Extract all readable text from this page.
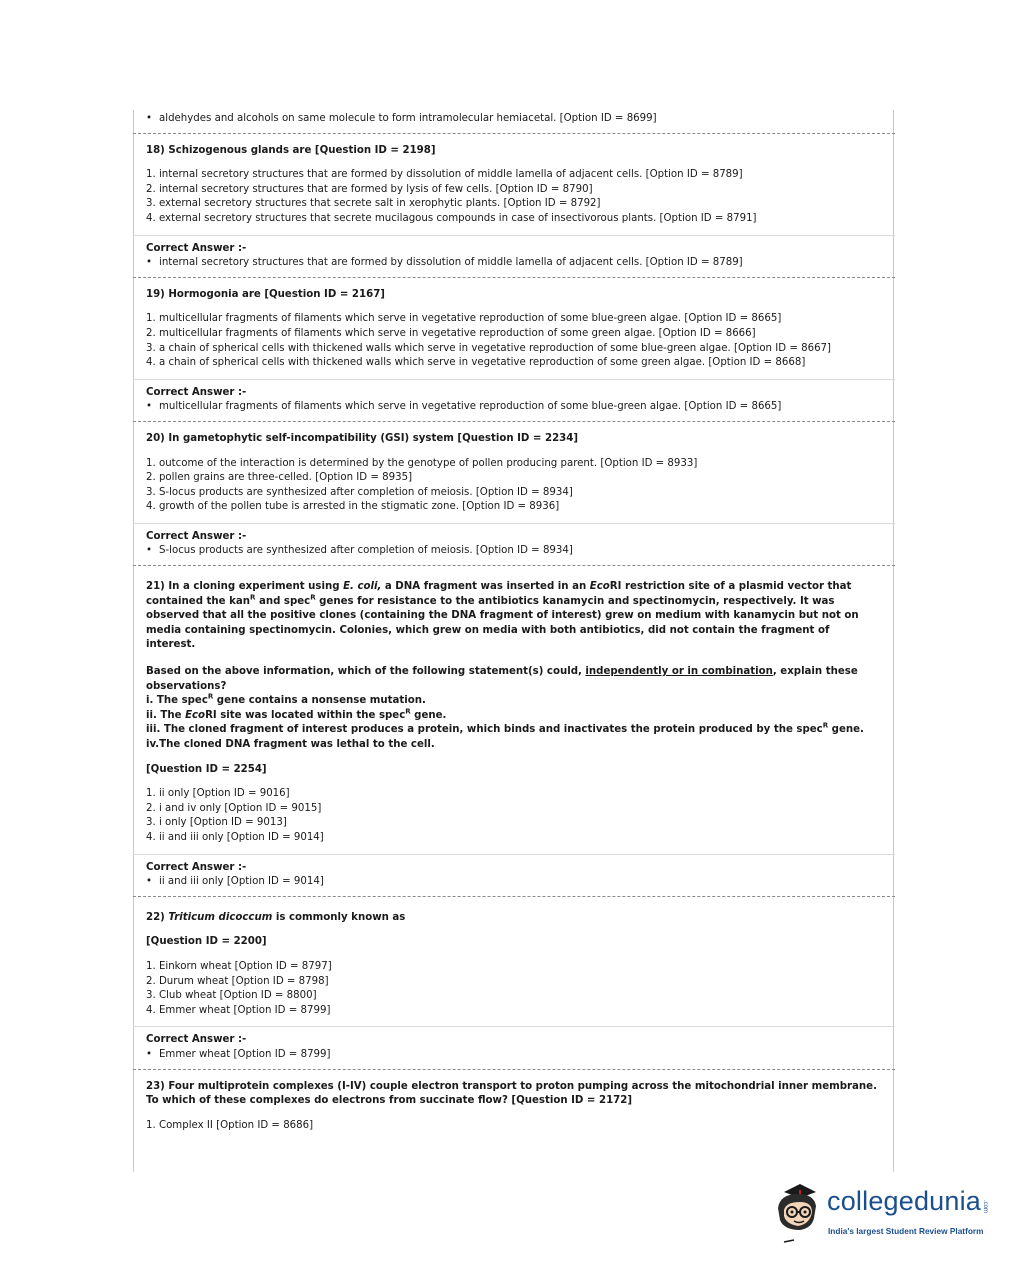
• aldehydes and alcohols on same molecule to form intramolecular hemiacetal. [Option ID = 8699]

18) Schizogenous glands are [Question ID = 2198]

1. internal secretory structures that are formed by dissolution of middle lamella of adjacent cells. [Option ID = 8789]

2. internal secretory structures that are formed by lysis of few cells. [Option ID = 8790]

3. external secretory structures that secrete salt in xerophytic plants. [Option ID = 8792]

4. external secretory structures that secrete mucilagous compounds in case of insectivorous plants. [Option ID = 8791]

Correct Answer :-

• internal secretory structures that are formed by dissolution of middle lamella of adjacent cells. [Option ID = 8789]

19) Hormogonia are [Question ID = 2167]

1. multicellular fragments of filaments which serve in vegetative reproduction of some blue-green algae. [Option ID = 8665]

2. multicellular fragments of filaments which serve in vegetative reproduction of some green algae. [Option ID = 8666]

3. a chain of spherical cells with thickened walls which serve in vegetative reproduction of some blue-green algae. [Option ID = 8667]

4. a chain of spherical cells with thickened walls which serve in vegetative reproduction of some green algae. [Option ID = 8668]

Correct Answer :-

• multicellular fragments of filaments which serve in vegetative reproduction of some blue-green algae. [Option ID = 8665]

20) In gametophytic self-incompatibility (GSI) system [Question ID = 2234]

1. outcome of the interaction is determined by the genotype of pollen producing parent. [Option ID = 8933]

2. pollen grains are three-celled. [Option ID = 8935]

3. S-locus products are synthesized after completion of meiosis. [Option ID = 8934]

4. growth of the pollen tube is arrested in the stigmatic zone. [Option ID = 8936]

Correct Answer :-

• S-locus products are synthesized after completion of meiosis. [Option ID = 8934]

21) In a cloning experiment using E. coli, a DNA fragment was inserted in an EcoRI restriction site of a plasmid vector that contained the kan$^R$ and spec$^R$ genes for resistance to the antibiotics kanamycin and spectinomycin, respectively. It was observed that all the positive clones (containing the DNA fragment of interest) grew on medium with kanamycin but not on media containing spectinomycin. Colonies, which grew on media with both antibiotics, did not contain the fragment of interest.

Based on the above information, which of the following statement(s) could, independently or in combination, explain these observations?

i. The spec$^R$ gene contains a nonsense mutation.

ii. The EcoRI site was located within the spec$^R$ gene.

iii. The cloned fragment of interest produces a protein, which binds and inactivates the protein produced by the spec$^R$ gene.

iv.The cloned DNA fragment was lethal to the cell.

[Question ID = 2254]

1. ii only [Option ID = 9016]

2. i and iv only [Option ID = 9015]

3. i only [Option ID = 9013]

4. ii and iii only [Option ID = 9014]

Correct Answer :-

• ii and iii only [Option ID = 9014]

22) Triticum dicoccum is commonly known as

[Question ID = 2200]

1. Einkorn wheat [Option ID = 8797]

2. Durum wheat [Option ID = 8798]

3. Club wheat [Option ID = 8800]

4. Emmer wheat [Option ID = 8799]

Correct Answer :-

• Emmer wheat [Option ID = 8799]

23) Four multiprotein complexes (I-IV) couple electron transport to proton pumping across the mitochondrial inner membrane. To which of these complexes do electrons from succinate flow? [Question ID = 2172]

1. Complex II [Option ID = 8686]

collegedunia .com
India's largest Student Review Platform
